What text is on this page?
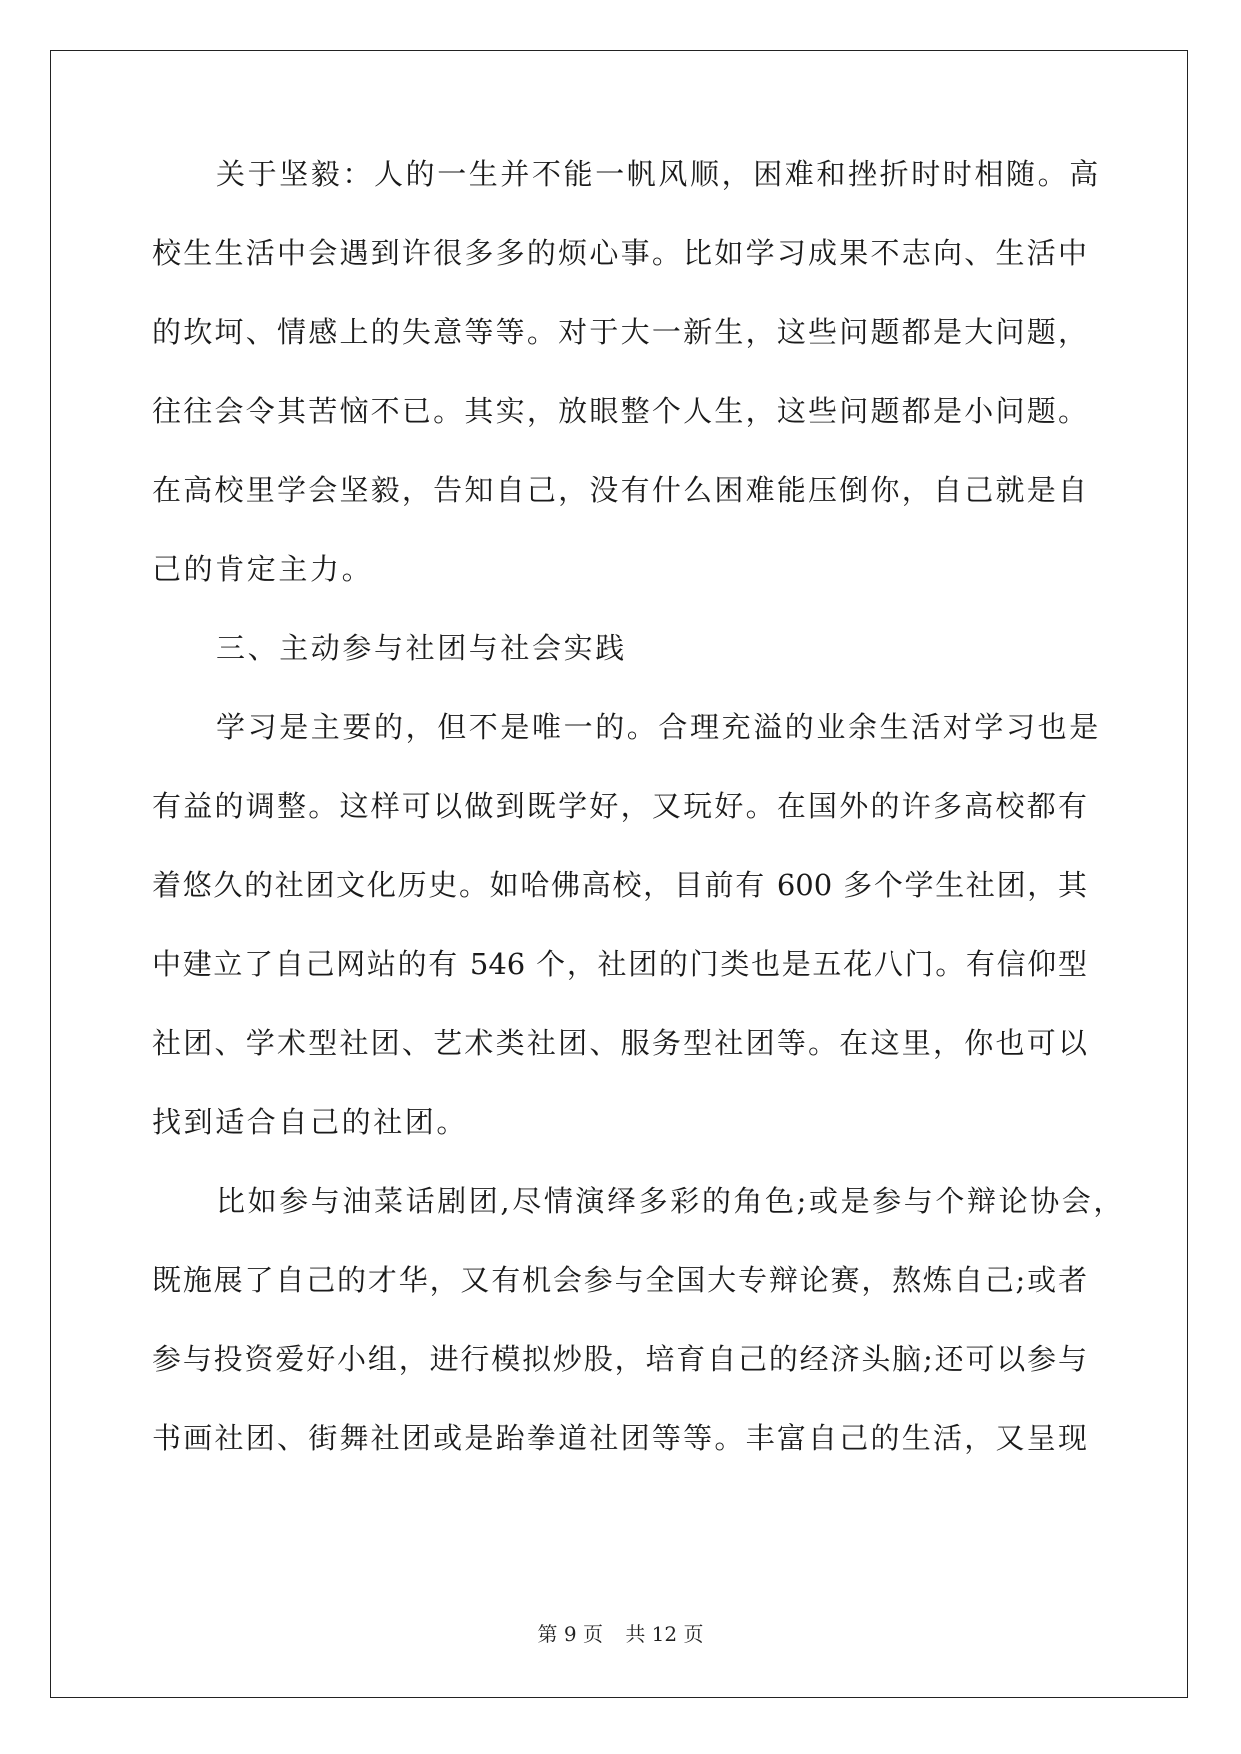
关于坚毅：人的一生并不能一帆风顺，困难和挫折时时相随。高
校生生活中会遇到许很多多的烦心事。比如学习成果不志向、生活中
的坎坷、情感上的失意等等。对于大一新生，这些问题都是大问题，
往往会令其苦恼不已。其实，放眼整个人生，这些问题都是小问题。
在高校里学会坚毅，告知自己，没有什么困难能压倒你，自己就是自
己的肯定主力。
三、主动参与社团与社会实践
学习是主要的，但不是唯一的。合理充溢的业余生活对学习也是
有益的调整。这样可以做到既学好，又玩好。在国外的许多高校都有
着悠久的社团文化历史。如哈佛高校，目前有 600 多个学生社团，其
中建立了自己网站的有 546 个，社团的门类也是五花八门。有信仰型
社团、学术型社团、艺术类社团、服务型社团等。在这里，你也可以
找到适合自己的社团。
比如参与油菜话剧团,尽情演绎多彩的角色;或是参与个辩论协会，
既施展了自己的才华，又有机会参与全国大专辩论赛，熬炼自己;或者
参与投资爱好小组，进行模拟炒股，培育自己的经济头脑;还可以参与
书画社团、街舞社团或是跆拳道社团等等。丰富自己的生活，又呈现
第 9 页 共 12 页
